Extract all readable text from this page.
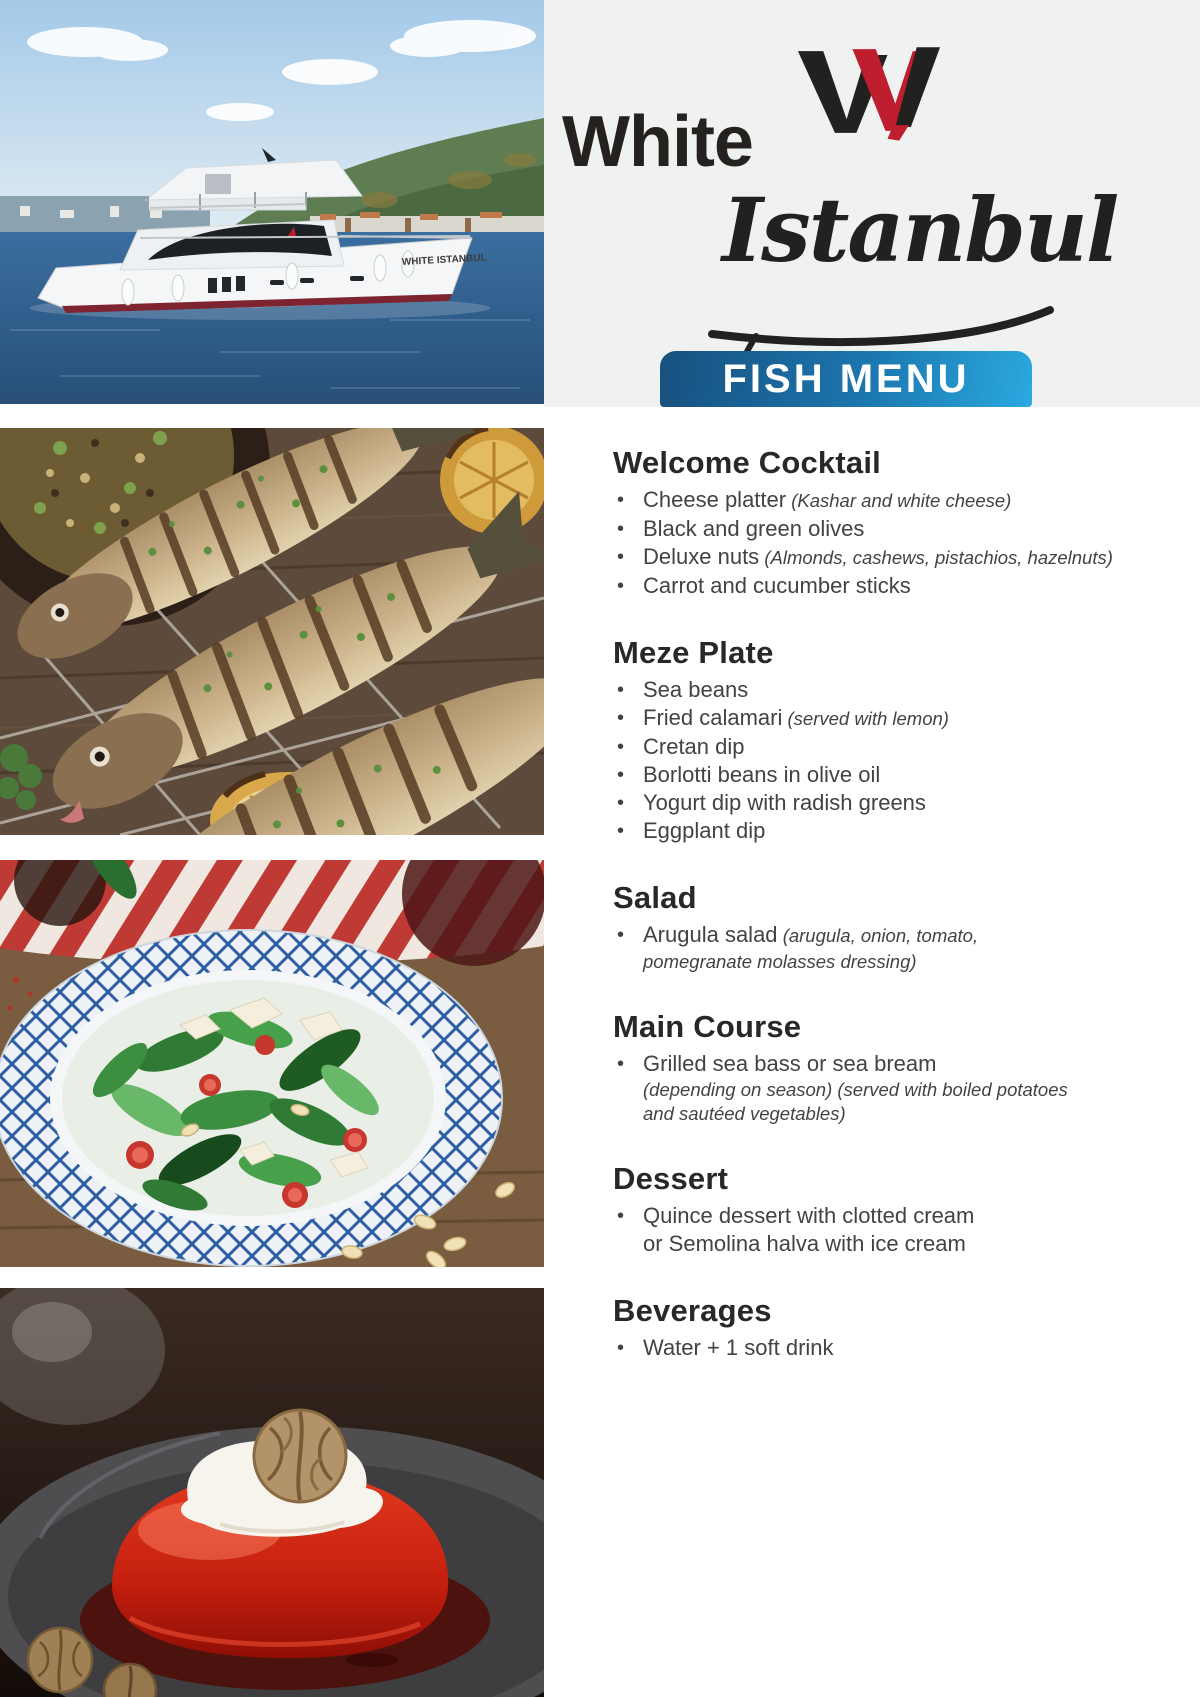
WHITE ISTANBUL
White
Istanbul
FISH MENU
Welcome Cocktail
• Cheese platter (Kashar and white cheese)
• Black and green olives
• Deluxe nuts (Almonds, cashews, pistachios, hazelnuts)
• Carrot and cucumber sticks
Meze Plate
• Sea beans
• Fried calamari (served with lemon)
• Cretan dip
• Borlotti beans in olive oil
• Yogurt dip with radish greens
• Eggplant dip
Salad
• Arugula salad (arugula, onion, tomato,
pomegranate molasses dressing)
Main Course
• Grilled sea bass or sea bream
(depending on season) (served with boiled potatoes
and sautéed vegetables)
Dessert
• Quince dessert with clotted cream
or Semolina halva with ice cream
Beverages
• Water + 1 soft drink
